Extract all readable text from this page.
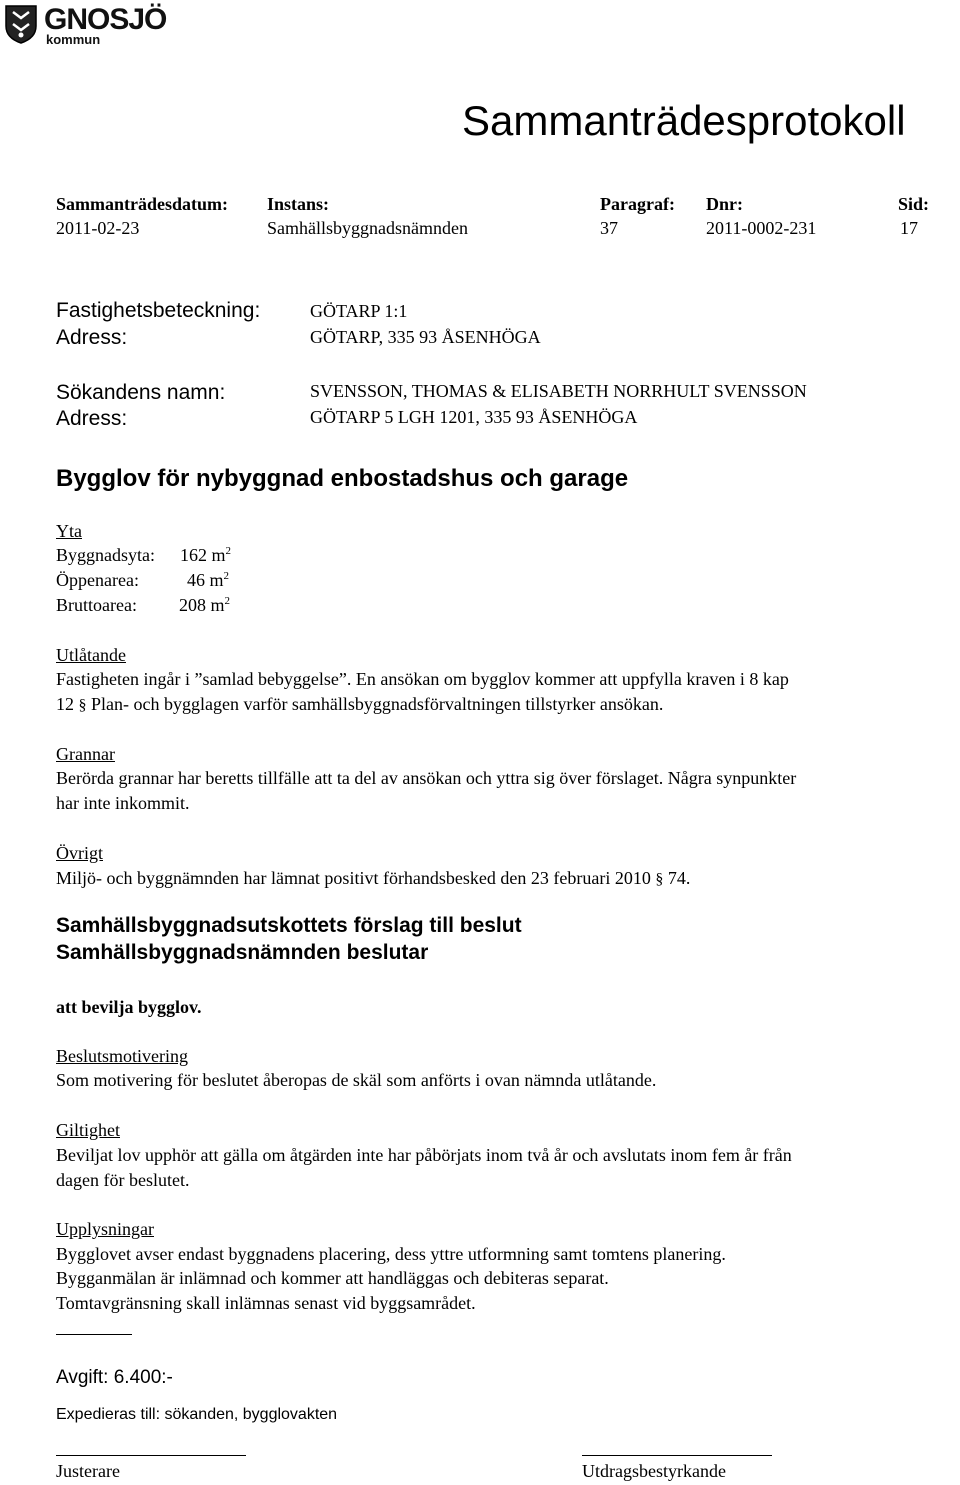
GNOSJÖ
kommun
Sammanträdesprotokoll
Sammanträdesdatum:
2011-02-23
Instans:
Samhällsbyggnadsnämnden
Paragraf:
37
Dnr:
2011-0002-231
Sid:
17
Fastighetsbeteckning:	GÖTARP 1:1
Adress:	GÖTARP, 335 93 ÅSENHÖGA
Sökandens namn:	SVENSSON, THOMAS & ELISABETH NORRHULT SVENSSON
Adress:	GÖTARP 5 LGH 1201, 335 93 ÅSENHÖGA
Bygglov för nybyggnad enbostadshus och garage
Yta
Byggnadsyta: 162 $m^2$
Öppenarea:	46 $m^2$
Bruttoarea: 208 $m^2$
Utlåtande
Fastigheten ingår i ”samlad bebyggelse”. En ansökan om bygglov kommer att uppfylla kraven i 8 kap
12 § Plan- och bygglagen varför samhällsbyggnadsförvaltningen tillstyrker ansökan.
Grannar
Berörda grannar har beretts tillfälle att ta del av ansökan och yttra sig över förslaget. Några synpunkter
har inte inkommit.
Övrigt
Miljö- och byggnämnden har lämnat positivt förhandsbesked den 23 februari 2010 § 74.
Samhällsbyggnadsutskottets förslag till beslut
Samhällsbyggnadsnämnden beslutar
att bevilja bygglov.
Beslutsmotivering
Som motivering för beslutet åberopas de skäl som anförts i ovan nämnda utlåtande.
Giltighet
Beviljat lov upphör att gälla om åtgärden inte har påbörjats inom två år och avslutats inom fem år från
dagen för beslutet.
Upplysningar
Bygglovet avser endast byggnadens placering, dess yttre utformning samt tomtens planering.
Bygganmälan är inlämnad och kommer att handläggas och debiteras separat.
Tomtavgränsning skall inlämnas senast vid byggsamrådet.
Avgift: 6.400:-
Expedieras till: sökanden, bygglovakten
Justerare	Utdragsbestyrkande
